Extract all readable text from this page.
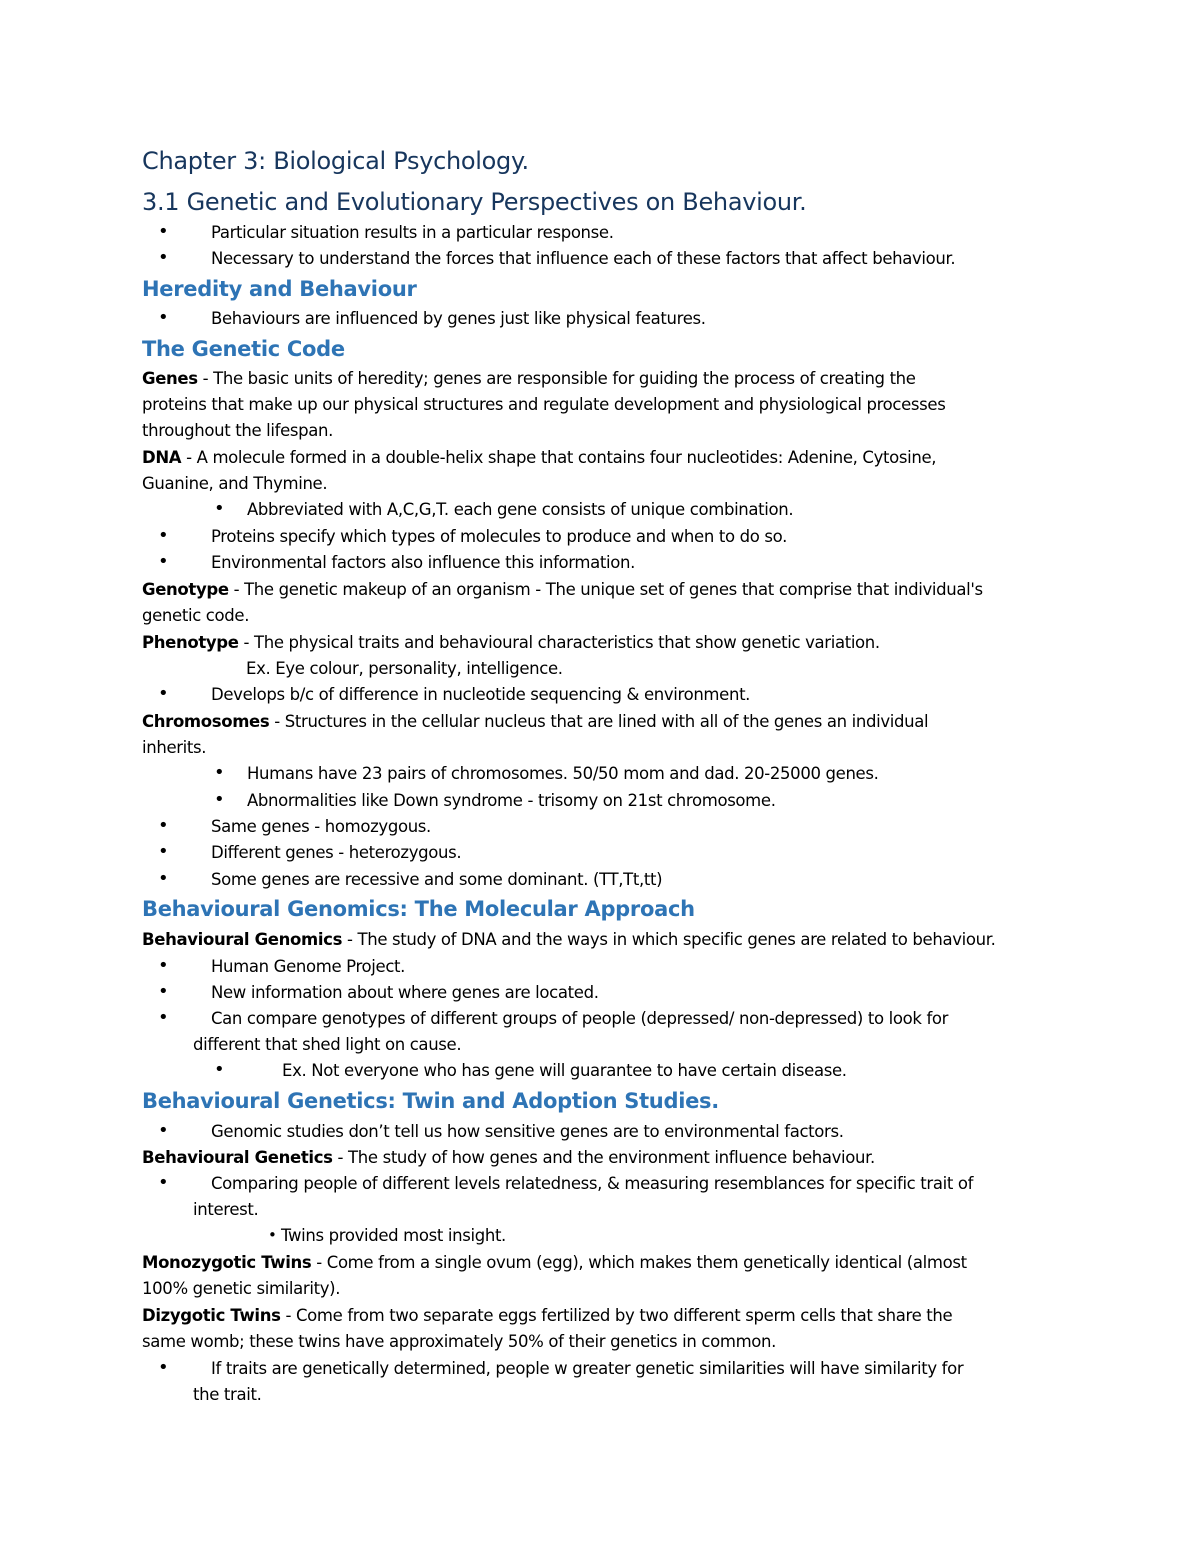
Chapter 3: Biological Psychology.
3.1 Genetic and Evolutionary Perspectives on Behaviour.
•	Particular situation results in a particular response.
•	Necessary to understand the forces that influence each of these factors that affect behaviour.
Heredity and Behaviour
•	Behaviours are influenced by genes just like physical features.
The Genetic Code
Genes - The basic units of heredity; genes are responsible for guiding the process of creating the
proteins that make up our physical structures and regulate development and physiological processes
throughout the lifespan.
DNA - A molecule formed in a double-helix shape that contains four nucleotides: Adenine, Cytosine,
Guanine, and Thymine.
• Abbreviated with A,C,G,T. each gene consists of unique combination.
•	Proteins specify which types of molecules to produce and when to do so.
•	Environmental factors also influence this information.
Genotype - The genetic makeup of an organism - The unique set of genes that comprise that individual's
genetic code.
Phenotype - The physical traits and behavioural characteristics that show genetic variation.
Ex. Eye colour, personality, intelligence.
•	Develops b/c of difference in nucleotide sequencing & environment.
Chromosomes - Structures in the cellular nucleus that are lined with all of the genes an individual
inherits.
• Humans have 23 pairs of chromosomes. 50/50 mom and dad. 20-25000 genes.
• Abnormalities like Down syndrome - trisomy on 21st chromosome.
•	Same genes - homozygous.
•	Different genes - heterozygous.
•	Some genes are recessive and some dominant. (TT,Tt,tt)
Behavioural Genomics: The Molecular Approach
Behavioural Genomics - The study of DNA and the ways in which specific genes are related to behaviour.
•	Human Genome Project.
•	New information about where genes are located.
•	Can compare genotypes of different groups of people (depressed/ non-depressed) to look for
different that shed light on cause.
•	Ex. Not everyone who has gene will guarantee to have certain disease.
Behavioural Genetics: Twin and Adoption Studies.
•	Genomic studies don’t tell us how sensitive genes are to environmental factors.
Behavioural Genetics - The study of how genes and the environment influence behaviour.
•	Comparing people of different levels relatedness, & measuring resemblances for specific trait of
interest.
• Twins provided most insight.
Monozygotic Twins - Come from a single ovum (egg), which makes them genetically identical (almost
100% genetic similarity).
Dizygotic Twins - Come from two separate eggs fertilized by two different sperm cells that share the
same womb; these twins have approximately 50% of their genetics in common.
•	If traits are genetically determined, people w greater genetic similarities will have similarity for
the trait.
